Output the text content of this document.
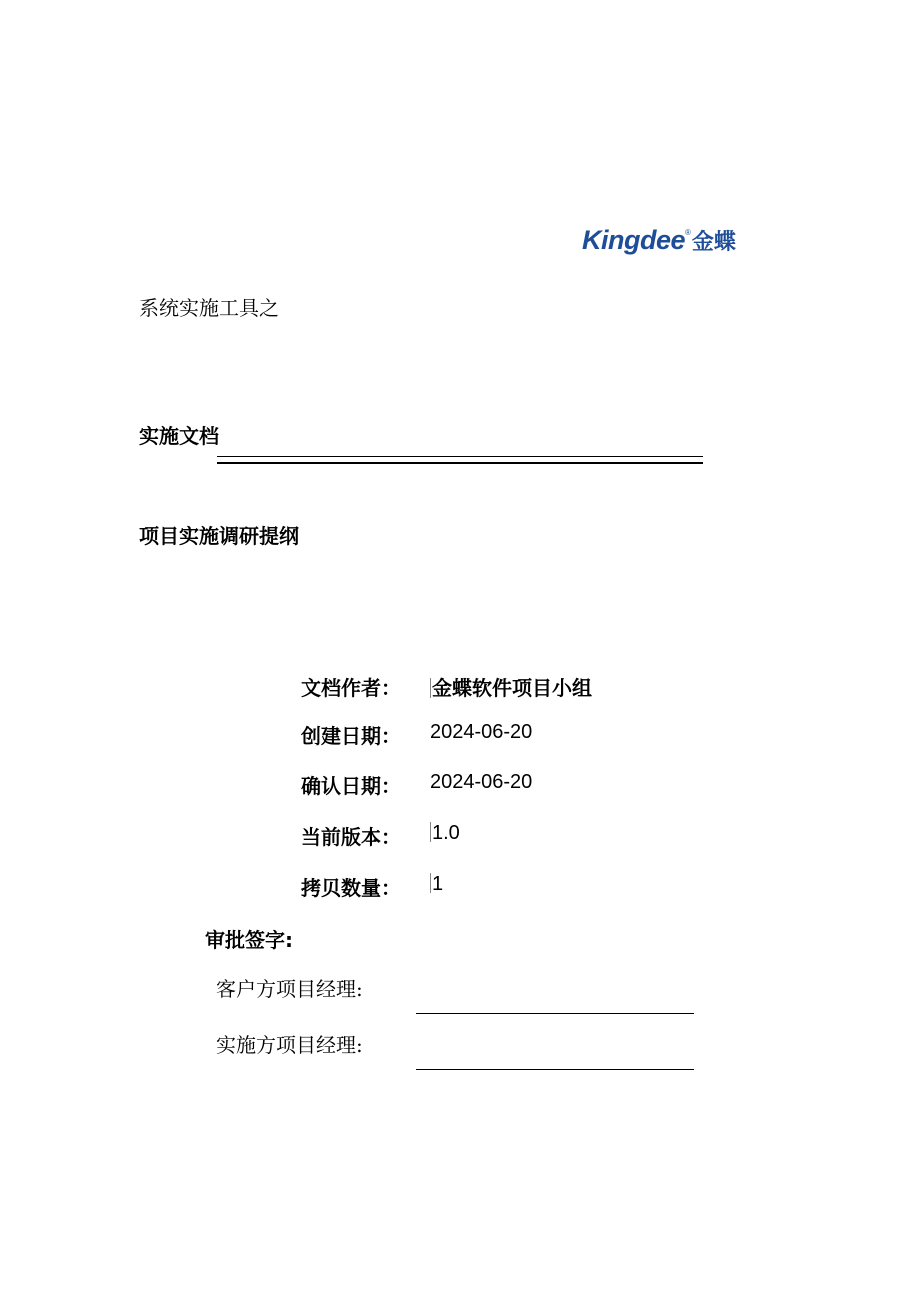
Kingdee ® 金蝶
系统实施工具之
实施文档
项目实施调研提纲
文档作者： 金蝶软件项目小组
创建日期： 2024-06-20
确认日期： 2024-06-20
当前版本： 1.0
拷贝数量： 1
审批签字:
客户方项目经理:
实施方项目经理:
